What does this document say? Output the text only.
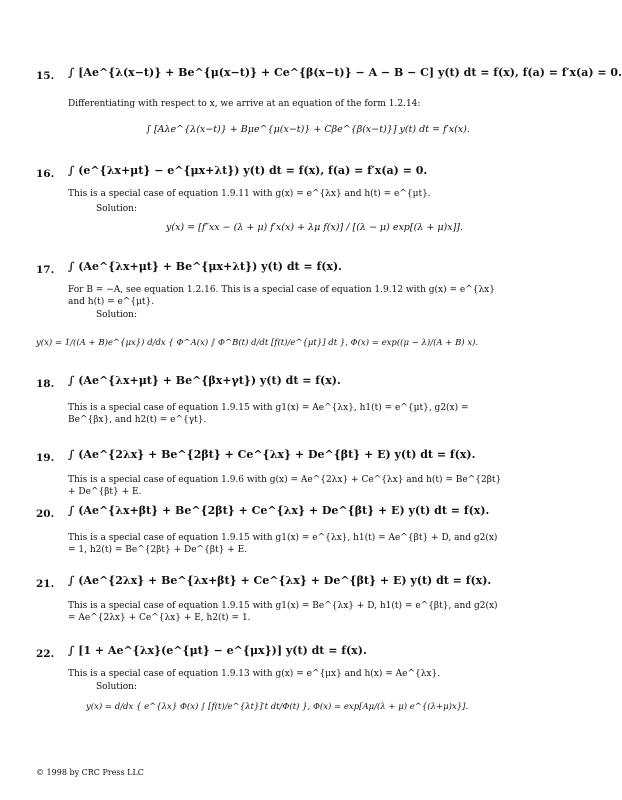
15. ∫ [Ae^{λ(x−t)} + Be^{μ(x−t)} + Ce^{β(x−t)} − A − B − C] y(t) dt = f(x), f(a) = f′x(a) = 0.
Differentiating with respect to x, we arrive at an equation of the form 1.2.14:
∫ [Aλe^{λ(x−t)} + Bμe^{μ(x−t)} + Cβe^{β(x−t)}] y(t) dt = f′x(x).
16. ∫ (e^{λx+μt} − e^{μx+λt}) y(t) dt = f(x), f(a) = f′x(a) = 0.
This is a special case of equation 1.9.11 with g(x) = e^{λx} and h(t) = e^{μt}.
Solution:
y(x) = [f″xx − (λ + μ) f′x(x) + λμ f(x)] / [(λ − μ) exp[(λ + μ)x]].
17. ∫ (Ae^{λx+μt} + Be^{μx+λt}) y(t) dt = f(x).
For B = −A, see equation 1.2.16. This is a special case of equation 1.9.12 with g(x) = e^{λx} and h(t) = e^{μt}.
Solution:
y(x) = 1/((A + B)e^{μx}) d/dx { Φ^A(x) ∫ Φ^B(t) d/dt [f(t)/e^{μt}] dt }, Φ(x) = exp((μ − λ)/(A + B) x).
18. ∫ (Ae^{λx+μt} + Be^{βx+γt}) y(t) dt = f(x).
This is a special case of equation 1.9.15 with g1(x) = Ae^{λx}, h1(t) = e^{μt}, g2(x) = Be^{βx}, and h2(t) = e^{γt}.
19. ∫ (Ae^{2λx} + Be^{2βt} + Ce^{λx} + De^{βt} + E) y(t) dt = f(x).
This is a special case of equation 1.9.6 with g(x) = Ae^{2λx} + Ce^{λx} and h(t) = Be^{2βt} + De^{βt} + E.
20. ∫ (Ae^{λx+βt} + Be^{2βt} + Ce^{λx} + De^{βt} + E) y(t) dt = f(x).
This is a special case of equation 1.9.15 with g1(x) = e^{λx}, h1(t) = Ae^{βt} + D, and g2(x) = 1, h2(t) = Be^{2βt} + De^{βt} + E.
21. ∫ (Ae^{2λx} + Be^{λx+βt} + Ce^{λx} + De^{βt} + E) y(t) dt = f(x).
This is a special case of equation 1.9.15 with g1(x) = Be^{λx} + D, h1(t) = e^{βt}, and g2(x) = Ae^{2λx} + Ce^{λx} + E, h2(t) = 1.
22. ∫ [1 + Ae^{λx}(e^{μt} − e^{μx})] y(t) dt = f(x).
This is a special case of equation 1.9.13 with g(x) = e^{μx} and h(x) = Ae^{λx}.
Solution:
y(x) = d/dx { e^{λx} Φ(x) ∫ [f(t)/e^{λt}]′t dt/Φ(t) }, Φ(x) = exp[Aμ/(λ + μ) e^{(λ+μ)x}].
© 1998 by CRC Press LLC
